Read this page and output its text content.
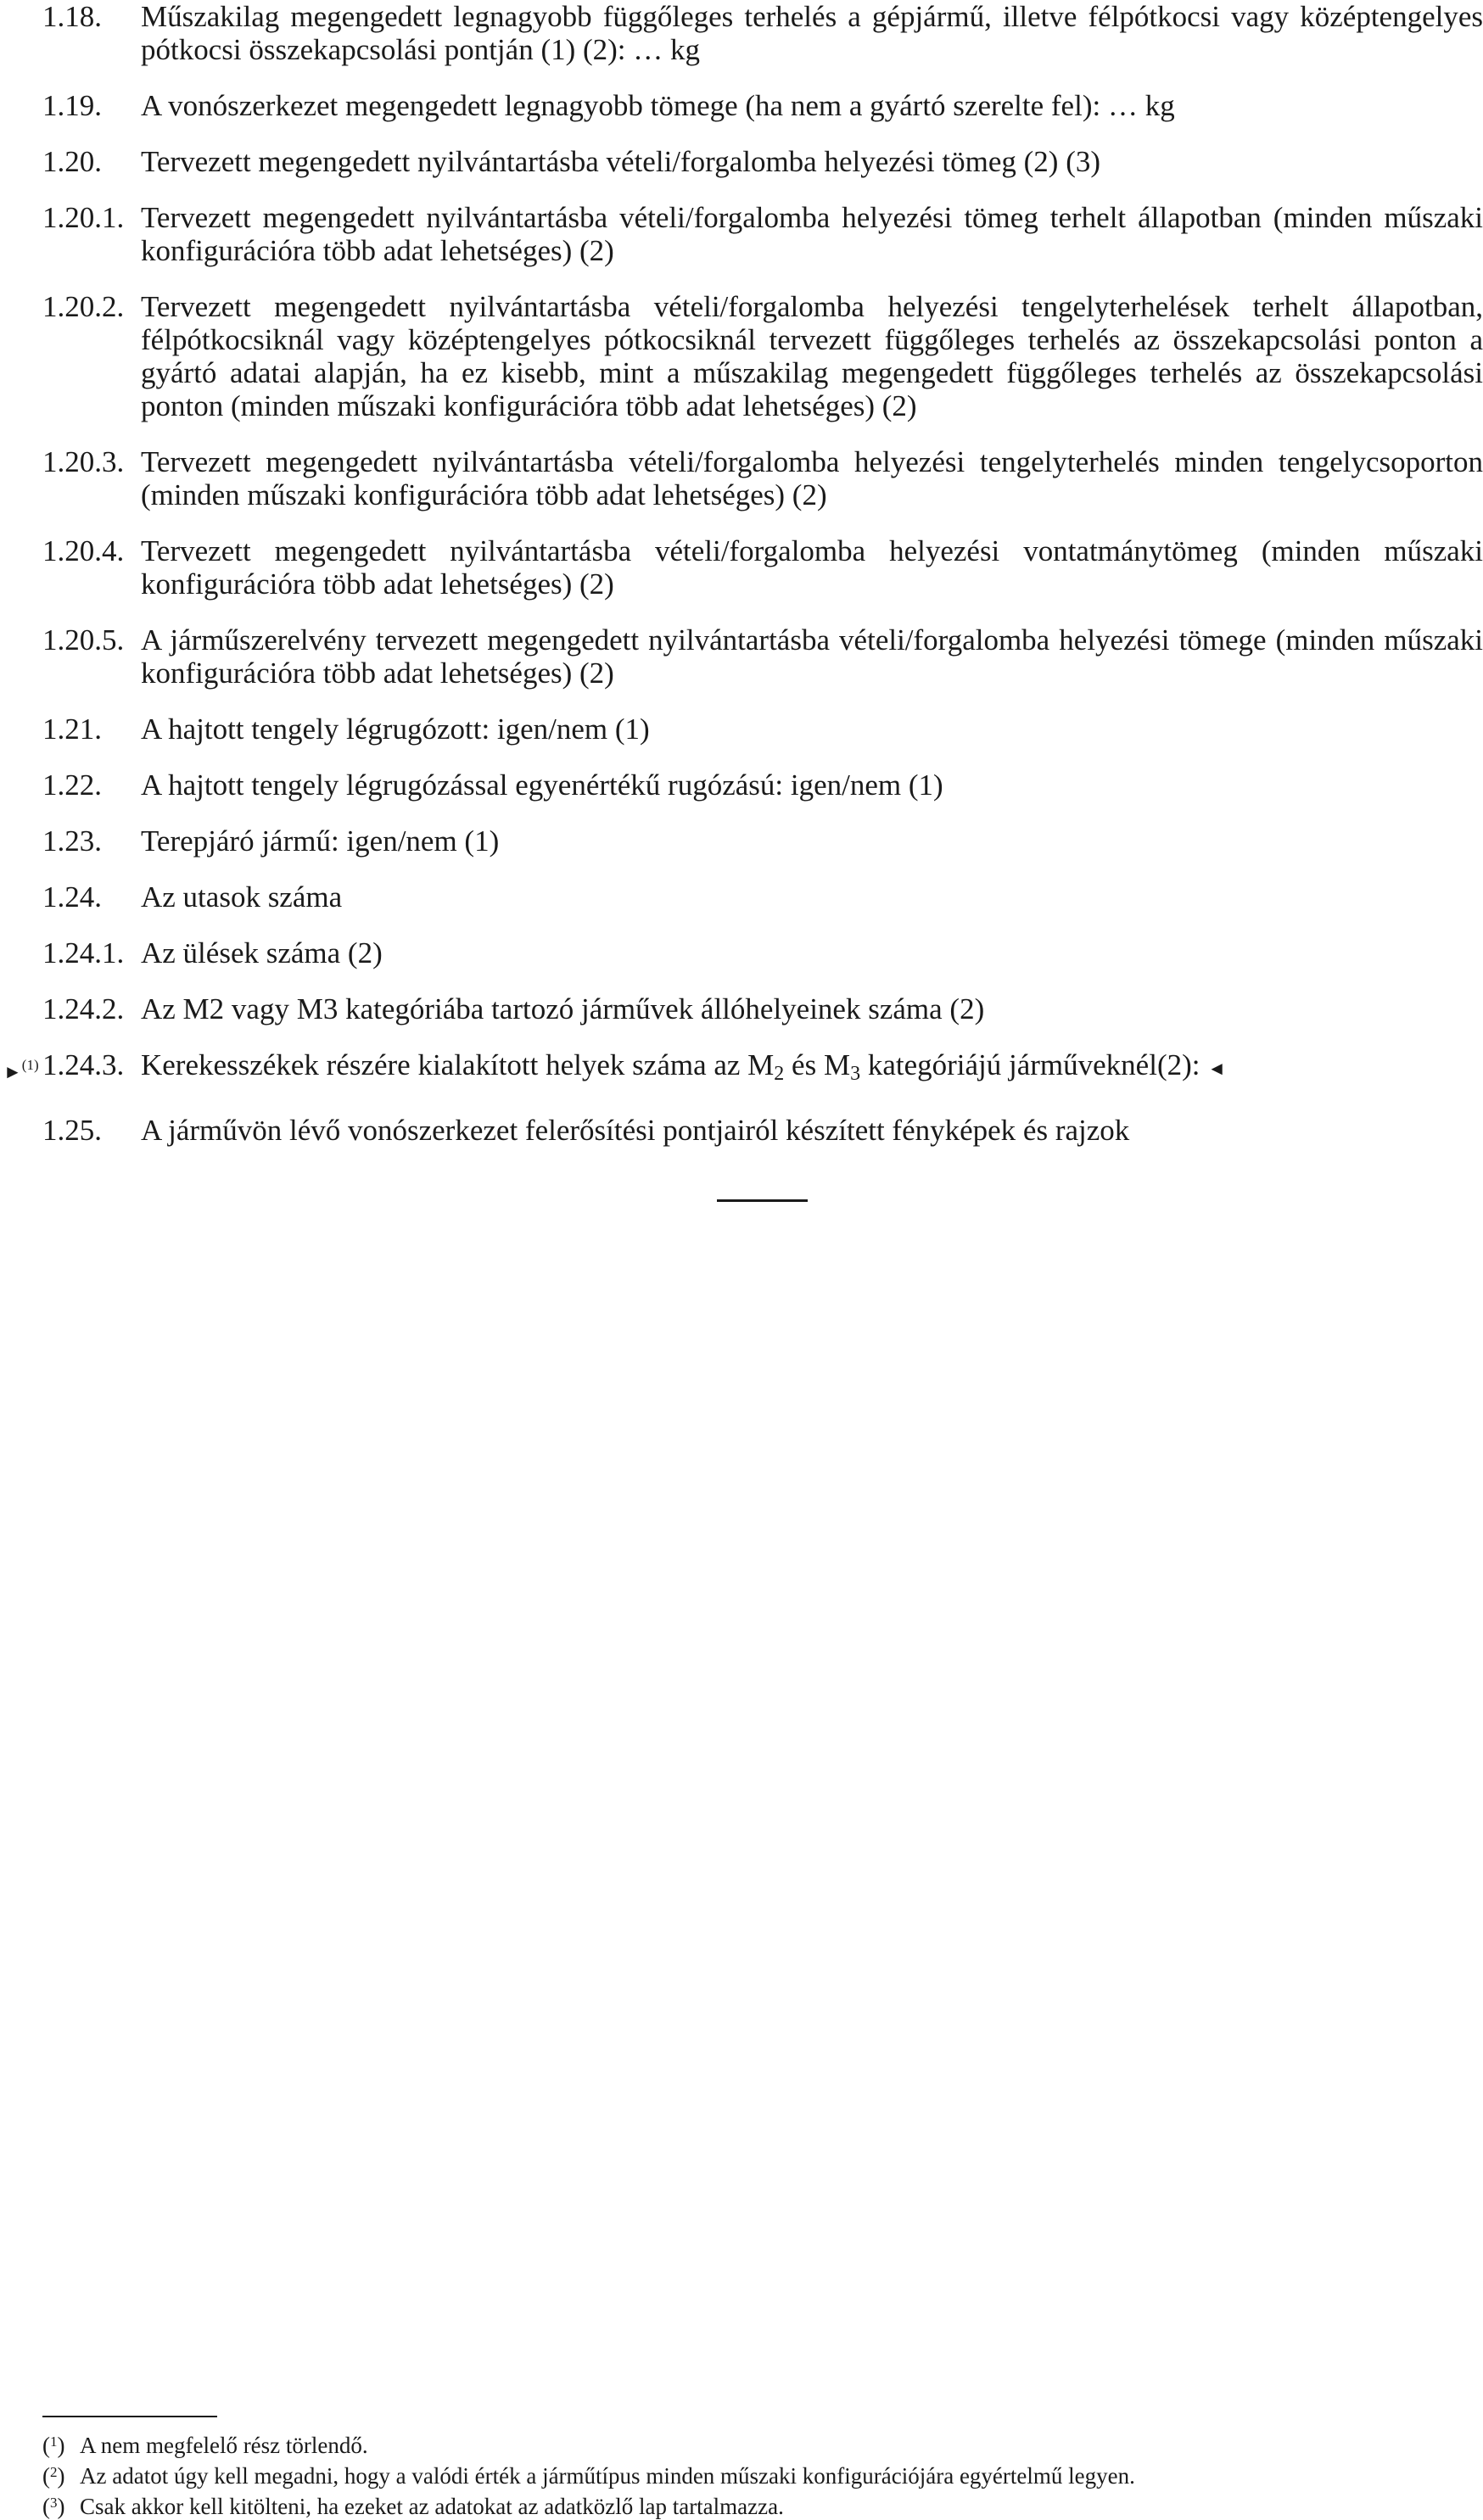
1.18.	Műszakilag megengedett legnagyobb függőleges terhelés a gépjármű, illetve félpótkocsi vagy középtengelyes pótkocsi összekapcsolási pontján (1) (2): … kg
1.19.	A vonószerkezet megengedett legnagyobb tömege (ha nem a gyártó szerelte fel): … kg
1.20.	Tervezett megengedett nyilvántartásba vételi/forgalomba helyezési tömeg (2) (3)
1.20.1. Tervezett megengedett nyilvántartásba vételi/forgalomba helyezési tömeg terhelt állapotban (minden műszaki konfigurációra több adat lehetséges) (2)
1.20.2. Tervezett megengedett nyilvántartásba vételi/forgalomba helyezési tengelyterhelések terhelt állapotban, félpótkocsiknál vagy középtengelyes pótkocsiknál tervezett függőleges terhelés az összekapcsolási ponton a gyártó adatai alapján, ha ez kisebb, mint a műszakilag megengedett függőleges terhelés az összekapcsolási ponton (minden műszaki konfigurációra több adat lehetséges) (2)
1.20.3. Tervezett megengedett nyilvántartásba vételi/forgalomba helyezési tengelyterhelés minden tengelycsoporton (minden műszaki konfigurációra több adat lehetséges) (2)
1.20.4. Tervezett megengedett nyilvántartásba vételi/forgalomba helyezési vontatmánytömeg (minden műszaki konfigurációra több adat lehetséges) (2)
1.20.5. A járműszerelvény tervezett megengedett nyilvántartásba vételi/forgalomba helyezési tömege (minden műszaki konfigurációra több adat lehetséges) (2)
1.21.	A hajtott tengely légrugózott: igen/nem (1)
1.22.	A hajtott tengely légrugózással egyenértékű rugózású: igen/nem (1)
1.23.	Terepjáró jármű: igen/nem (1)
1.24.	Az utasok száma
1.24.1. Az ülések száma (2)
1.24.2. Az M2 vagy M3 kategóriába tartozó járművek állóhelyeinek száma (2)
►$^{(1)}$ 1.24.3. Kerekesszékek részére kialakított helyek száma az $M_2$ és $M_3$ kategóriájú járműveknél(2): ◄
1.25.	A járművön lévő vonószerkezet felerősítési pontjairól készített fényképek és rajzok
($^1$) A nem megfelelő rész törlendő.
($^2$) Az adatot úgy kell megadni, hogy a valódi érték a járműtípus minden műszaki konfigurációjára egyértelmű legyen.
($^3$) Csak akkor kell kitölteni, ha ezeket az adatokat az adatközlő lap tartalmazza.
